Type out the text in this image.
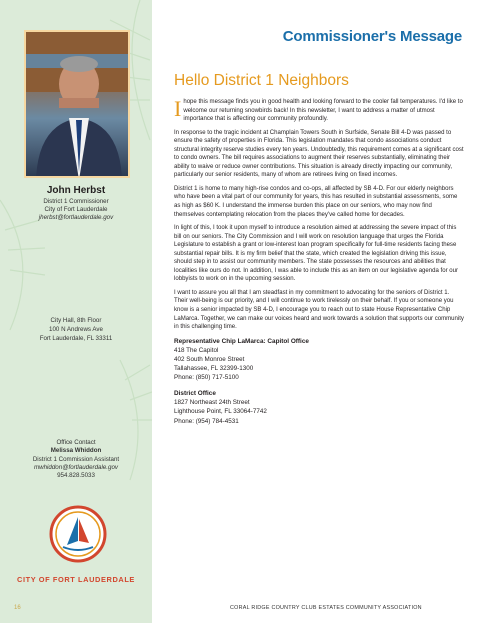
John Herbst
District 1 Commissioner
City of Fort Lauderdale
jherbst@fortlauderdale.gov
City Hall, 8th Floor
100 N Andrews Ave
Fort Lauderdale, FL 33311
Office Contact
Melissa Whiddon
District 1 Commission Assistant
mwhiddon@fortlauderdale.gov
954.828.5033
CITY OF FORT LAUDERDALE
16
Commissioner's Message
Hello District 1 Neighbors

I hope this message finds you in good health and looking forward to the cooler fall temperatures. I'd like to welcome our returning snowbirds back! In this newsletter, I want to address a matter of utmost importance that is affecting our community profoundly.

In response to the tragic incident at Champlain Towers South in Surfside, Senate Bill 4-D was passed to ensure the safety of properties in Florida. This legislation mandates that condo associations conduct structural integrity reserve studies every ten years. Undoubtedly, this requirement comes at a significant cost to condo owners. The bill requires associations to augment their reserves substantially, eliminating their ability to waive or reduce owner contributions. This situation is already directly impacting our community, particularly our senior residents, many of whom are retirees living on fixed incomes.

District 1 is home to many high-rise condos and co-ops, all affected by SB 4-D. For our elderly neighbors who have been a vital part of our community for years, this has resulted in substantial assessments, some as high as $60 K. I understand the immense burden this place on our seniors, who may now find themselves contemplating relocation from the places they've called home for decades.

In light of this, I took it upon myself to introduce a resolution aimed at addressing the severe impact of this bill on our seniors. The City Commission and I will work on resolution language that urges the Florida Legislature to establish a grant or low-interest loan program specifically for full-time residents facing these substantial repair bills. It is my firm belief that the state, which created the legislation driving this issue, should step in to assist our community members. The state possesses the resources and abilities that localities like ours do not. In addition, I was able to include this as an item on our legislative agenda for our lobbyists to work on in the upcoming session.

I want to assure you all that I am steadfast in my commitment to advocating for the seniors of District 1. Their well-being is our priority, and I will continue to work tirelessly on their behalf. If you or someone you know is a senior impacted by SB 4-D, I encourage you to reach out to state House Representative Chip LaMarca. Together, we can make our voices heard and work towards a solution that supports our community in this challenging time.

Representative Chip LaMarca: Capitol Office
418 The Capitol
402 South Monroe Street
Tallahassee, FL 32399-1300
Phone: (850) 717-5100
District Office
1827 Northeast 24th Street
Lighthouse Point, FL 33064-7742
Phone: (954) 784-4531
CORAL RIDGE COUNTRY CLUB ESTATES COMMUNITY ASSOCIATION
